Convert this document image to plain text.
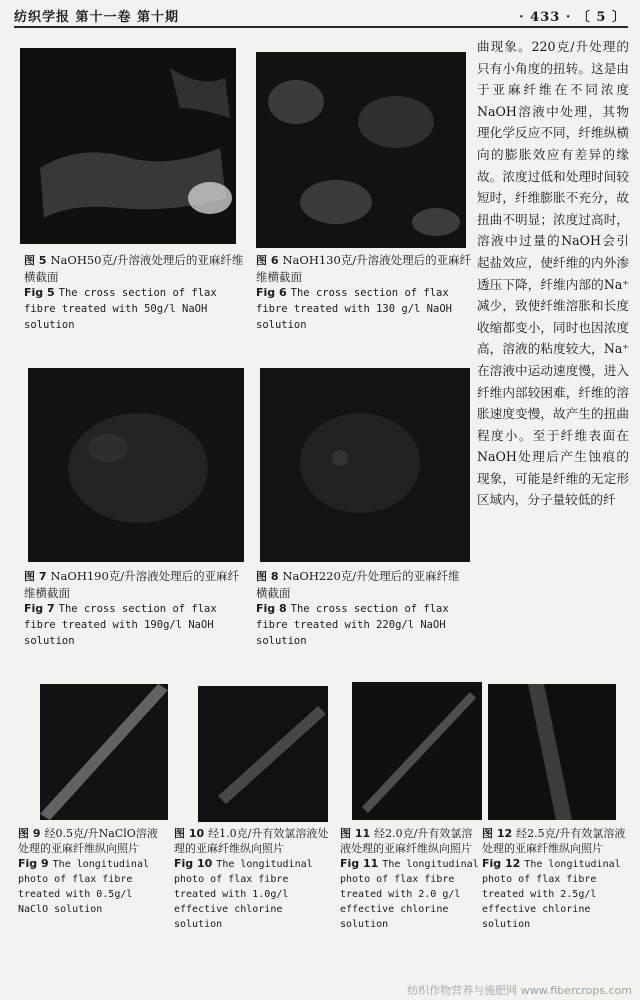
纺织学报 第十一卷 第十期	· 433 · 〔 5 〕
图 5 NaOH50克/升溶液处理后的亚麻纤维横截面
Fig 5 The cross section of flax fibre treated with 50g/l NaOH solution
图 6 NaOH130克/升溶液处理后的亚麻纤维横截面
Fig 6 The cross section of flax fibre treated with 130 g/l NaOH solution
图 7 NaOH190克/升溶液处理后的亚麻纤维横截面
Fig 7 The cross section of flax fibre treated with 190g/l NaOH solution
图 8 NaOH220克/升处理后的亚麻纤维横截面
Fig 8 The cross section of flax fibre treated with 220g/l NaOH solution

曲现象。220克/升处理的只有小角度的扭转。这是由于亚麻纤维在不同浓度NaOH溶液中处理，其物理化学反应不同，纤维纵横向的膨胀效应有差异的缘故。浓度过低和处理时间较短时，纤维膨胀不充分，故扭曲不明显；浓度过高时，溶液中过量的NaOH会引起盐效应，使纤维的内外渗透压下降，纤维内部的Na⁺减少，致使纤维溶胀和长度收缩都变小，同时也因浓度高，溶液的粘度较大，Na⁺在溶液中运动速度慢，进入纤维内部较困难，纤维的溶胀速度变慢，故产生的扭曲程度小。至于纤维表面在NaOH处理后产生蚀痕的现象，可能是纤维的无定形区域内，分子量较低的纤

图 9 经0.5克/升NaClO溶液处理的亚麻纤维纵向照片
Fig 9 The longitudinal photo of flax fibre treated with 0.5g/l NaClO solution
图 10 经1.0克/升有效氯溶液处理的亚麻纤维纵向照片
Fig 10 The longitudinal photo of flax fibre treated with 1.0g/l effective chlorine solution
图 11 经2.0克/升有效氯溶液处理的亚麻纤维纵向照片
Fig 11 The longitudinal photo of flax fibre treated with 2.0 g/l effective chlorine solution
图 12 经2.5克/升有效氯溶液处理的亚麻纤维纵向照片
Fig 12 The longitudinal photo of flax fibre treated with 2.5g/l effective chlorine solution
纺织作物营养与施肥网 www.fibercrops.com
